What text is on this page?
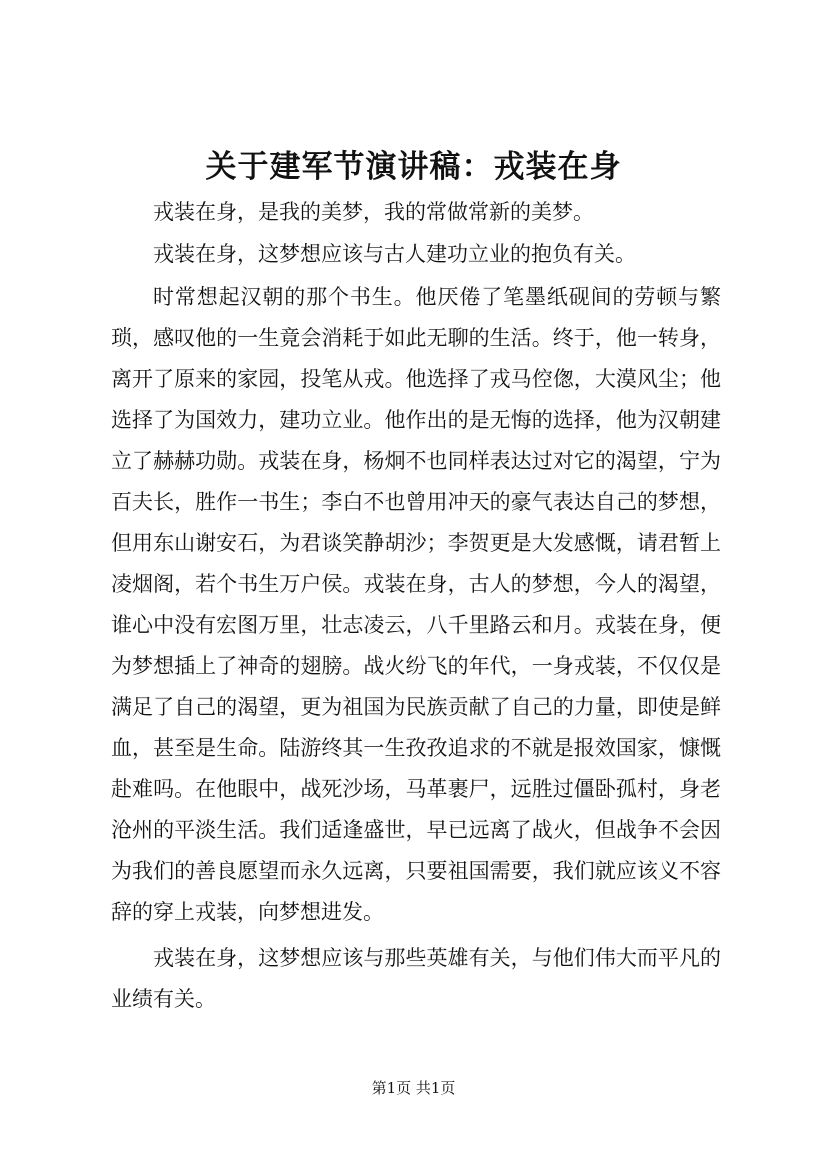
关于建军节演讲稿：戎装在身

戎装在身，是我的美梦，我的常做常新的美梦。

戎装在身，这梦想应该与古人建功立业的抱负有关。

时常想起汉朝的那个书生。他厌倦了笔墨纸砚间的劳顿与繁琐，感叹他的一生竟会消耗于如此无聊的生活。终于，他一转身，离开了原来的家园，投笔从戎。他选择了戎马倥偬，大漠风尘；他选择了为国效力，建功立业。他作出的是无悔的选择，他为汉朝建立了赫赫功勋。戎装在身，杨炯不也同样表达过对它的渴望，宁为百夫长，胜作一书生；李白不也曾用冲天的豪气表达自己的梦想，但用东山谢安石，为君谈笑静胡沙；李贺更是大发感慨，请君暂上凌烟阁，若个书生万户侯。戎装在身，古人的梦想，今人的渴望，谁心中没有宏图万里，壮志凌云，八千里路云和月。戎装在身，便为梦想插上了神奇的翅膀。战火纷飞的年代，一身戎装，不仅仅是满足了自己的渴望，更为祖国为民族贡献了自己的力量，即使是鲜血，甚至是生命。陆游终其一生孜孜追求的不就是报效国家，慷慨赴难吗。在他眼中，战死沙场，马革裹尸，远胜过僵卧孤村，身老沧州的平淡生活。我们适逢盛世，早已远离了战火，但战争不会因为我们的善良愿望而永久远离，只要祖国需要，我们就应该义不容辞的穿上戎装，向梦想进发。

戎装在身，这梦想应该与那些英雄有关，与他们伟大而平凡的业绩有关。

第1页 共1页
